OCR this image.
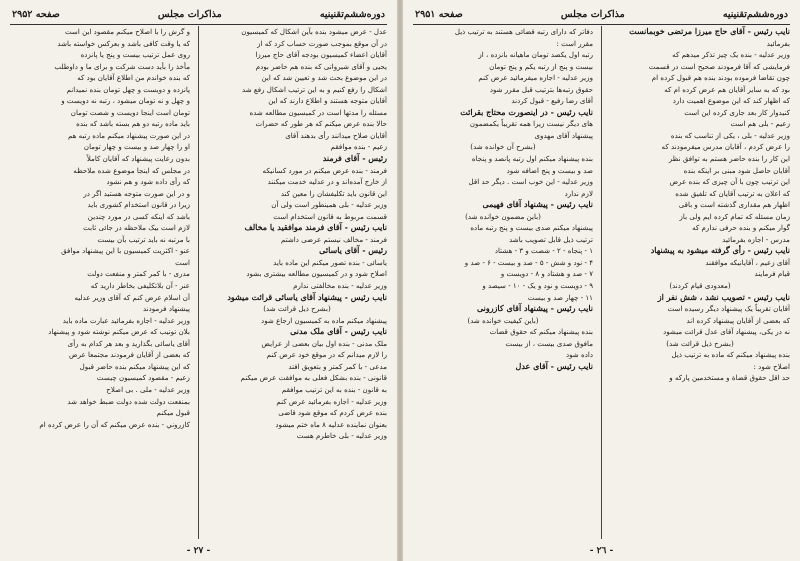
دوره‌ششم‌تقنینیه
مذاکرات مجلس
صفحه ۲۹۵۲

عدل - عرض میشود بنده بآین اشکال که کمیسیون

در آن موقع بموجب صورت حساب کرد که از

آقایان اعضاء کمیسیون بودجه آقای حاج میرزا

یحیی و آقای شیروانی که بنده هم حاضر بودم

در این موضوع بحث شد و تعیین شد که این

اشکال را رفع کنیم و به این ترتیب اشکال رفع شد

آقایان متوجه هستند و اطلاع دارند که این

مسئله را مدتها است در کمیسیون مطالعه شده

حالا بنده عرض میکنم که هر طور که حضرات

آقایان صلاح میدانند رأی بدهند آقای

زعیم - بنده موافقم

رئیس - آقای فرمند

فرمند - بنده عرض میکنم در مورد کسانیکه

از خارج آمده‌اند و در عدلیه خدمت میکنند

این قانون باید تکلیفشان را معین کند

وزیر عدلیه - بلی همینطور است ولی آن

قسمت مربوط به قانون استخدام است

نایب رئیس - آقای فرمند موافقید یا مخالف

فرمند - مخالف نیستم عرضی داشتم

رئیس - آقای یاسائی

یاسائی - بنده تصور میکنم این ماده باید

اصلاح شود و در کمیسیون مطالعه بیشتری بشود

وزیر عدلیه - بنده مخالفتی ندارم

نایب رئیس - پیشنهاد آقای یاسائی قرائت میشود

(بشرح ذیل قرائت شد)

پیشنهاد میکنم ماده به کمیسیون ارجاع شود

نایب رئیس - آقای ملک مدنی

ملک مدنی - بنده اول بیان بعضی از عرایض

را لازم میدانم که در موقع خود عرض کنم

مدعی - با کمر کمتر و بتعویق افتد

قانونی - بنده بشکل فعلی به موافقت عرض میکنم

به قانون - بنده به این ترتیب موافقم

وزیر عدلیه - اجازه بفرمائید عرض کنم

بنده عرض کردم که موقع شود قاضی

بعنوان نماینده عدلیه ۸ ماه ختم میشود

وزیر عدلیه - بلی خاطرم هست

و گرش را با اصلاح میکنم مقصود این است

که یا وقت کافی باشد و بعرکس خواسته باشد

روی عمل ترتیب بیست و پنج یا پانزده

مأخذ را بأید دست شرکت و برای ما و داوطلب

که بنده خواندم من اطلاع آقایان بود که

پانزده و دویست و چهل تومان بنده نمیدانم

و چهل و نه تومان میشود ، رتبه نه دویست و

تومان است اینجا دویست و شصت تومان

باید ماده رتبه دو هم بسته باشد که بنده

در این صورت پیشنهاد میکنم ماده رتبه هم

او را چهار صد و بیست و چهار تومان

بدون رعایت پیشنهاد که آقایان کاملاً

در مجلس که اینجا موضوع شده ملاحظه

که رأی داده شود و هم نشود

و در این صورت متوجه هستید اگر در

زیرا در قانون استخدام کشوری باید

باشد که اینکه کسی در مورد چندین

لازم است بیک ملاحظه در جائی ثابت

با مرتبه نه باید ترتیب بآن بیست

عنو - اکثریت کمیسیون با این پیشنهاد موافق

است

مدری - با کمر کمتر و منفعت دولت

عنر - آن بلاتکلیفی بخاطر دارید که

آن اسلام عرض کنم که آقای وزیر عدلیه

پیشنهاد فرمودند

وزیر عدلیه - اجازه بفرمائید عبارت ماده باید

بلان تونیب که عرض میکنم نوشته شود و پیشنهاد

آقای یاسائی بگذارید و بعد هر کدام به رأی

که بعضی از آقایان فرمودند مجتمعا عرض

که این پیشنهاد میکنم بنده حاضر قبول

زعیم - مقصود کمیسیون چیست

وزیر عدلیه - ملی . بی اصلاح

بمنفعت دولت شده دولت ضبط خواهد شد

قبول میکنم

کازروني - بنده عرض میکنم که آن را عرض کرده ام

- ٢٧ -
دوره‌ششم‌تقنینیه
مذاکرات مجلس
صفحه ۲۹۵۱

نایب رئیس - آقای حاج میرزا مرتضی خوبمانست

بفرمائید

وزیر عدلیه - بنده یک چیز تذکر میدهم که

فرمایشی که آقا فرمودند صحیح است در قسمت

چون تقاضا فرموده بودند بنده هم قبول کرده ام

بود که به سایر آقایان هم عرض کرده ام که

که اظهار کند که این موضوع اهمیت دارد

کنیدوار کار بعد جاری کرده این است

زعیم - بلی هم است

وزیر عدلیه - بلی ، یکی از تناسب که بنده

را عرض کردم ، آقایان مدرس میفرمودند که

این کار را بنده حاضر هستم به توافق نظر

آقایان حاصل شود مبنی بر اینکه بنده

این ترتیب چون با آن چیزی که بنده عرض

که اعلان به ترتیب آقایان که تلفیق شده

اظهار هم مقداری گذشته است و باقی

زمان مسئله که تمام کرده ایم ولی باز

گوار میکنم و بنده حرفی ندارم که

مدرس - اجازه بفرمائید

نایب رئیس - رأی گرفته میشود به پیشنهاد

آقای زعیم ، آقایانیکه موافقند

قیام فرمایند

(معدودی قیام کردند)

نایب رئیس - تصویب نشد ، شش نفر از

آقایان تقریباً یک پیشنهاد دیگر رسیده است

که بعضی از آقایان پیشنهاد کرده اند

نه در یکی، پیشنهاد آقای عدل قرائت میشود

(بشرح ذیل قرائت شد)

بنده پیشنهاد میکنم که ماده به ترتیب ذیل

اصلاح شود :

حد اقل حقوق قضاة و مستخدمین پارکه و

دفاتر که دارای رتبه قضائی هستند به ترتیب ذیل

مقرر است :

رتبه اول یکصد تومان ماهیانه بانزده ، از

بیست و پنج از رتبه یکم و پنج تومان

وزیر عدلیه - اجازه میفرمائید عرض کنم

حقوق رتبه‌ها بترتیب قبل مقرر شود

آقای رضا رفیع - قبول کردند

نایب رئیس - در اینصورت محتاج بقرائت

های دیگر نیست زیرا همه تقریباً یکمضمون

پیشنهاد آقای مهدوی

(بشرح آن خوانده شد)

بنده پیشنهاد میکنم اول رتبه پانصد و پنجاه

صد و بیست و پنج اضافه شود

وزیر عدلیه - این خوب است . دیگر حد اقل

لازم ندارد

نایب رئیس - پیشنهاد آقای فهیمی

(باین مضمون خوانده شد)

پیشنهاد میکنم صدی بیست و پنج رتبه ماده

ترتیب ذیل قابل تصویب باشد

۱ - پنجاه - ۲ - شصت و ۳ - هشتاد

۴ - نود و شش - ۵ - صد و بیست - ۶ - صد و

۷ - صد و هشتاد و ۸ - دویست و

۹ - دویست و نود و یک - ۱۰ - سیصد و

۱۱ - چهار صد و بیست

نایب رئیس - پیشنهاد آقای کازرونی

(باین کیفیت خوانده شد)

بنده پیشنهاد میکنم که حقوق قضات

مافوق صدی بیست ، از بیست

داده شود

نایب رئیس - آقای عدل

- ٢٦ -
